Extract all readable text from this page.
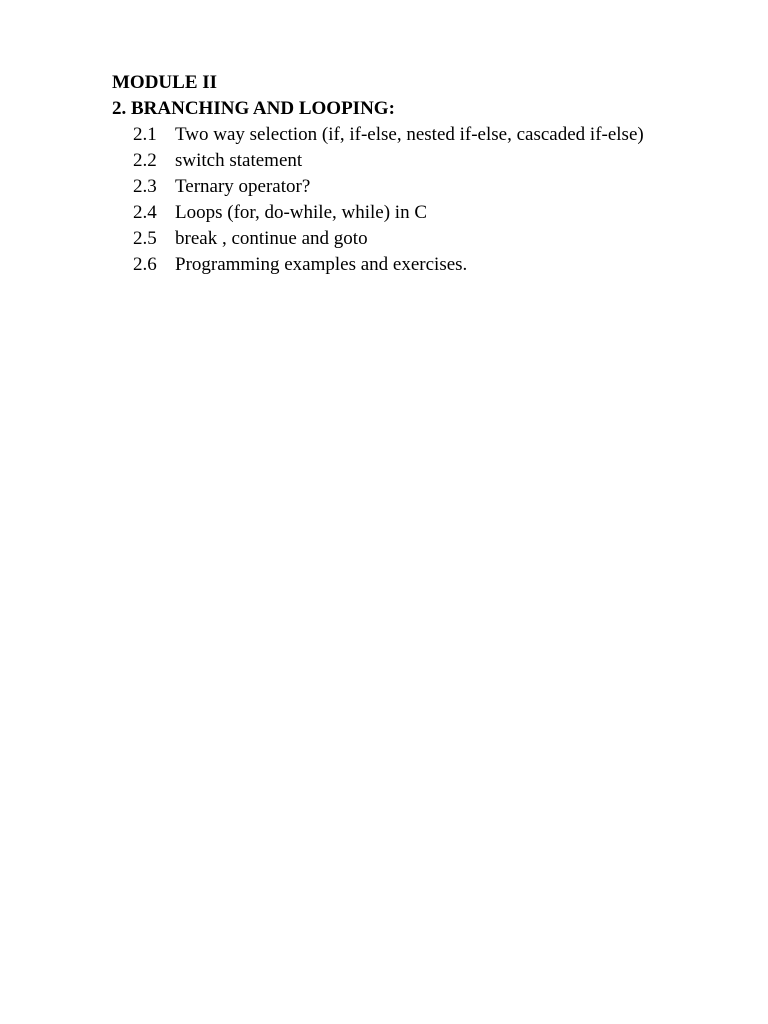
MODULE II

2. BRANCHING AND LOOPING:

2.1 Two way selection (if, if-else, nested if-else, cascaded if-else)
2.2 switch statement
2.3 Ternary operator?
2.4 Loops (for, do-while, while) in C
2.5 break , continue and goto
2.6 Programming examples and exercises.
